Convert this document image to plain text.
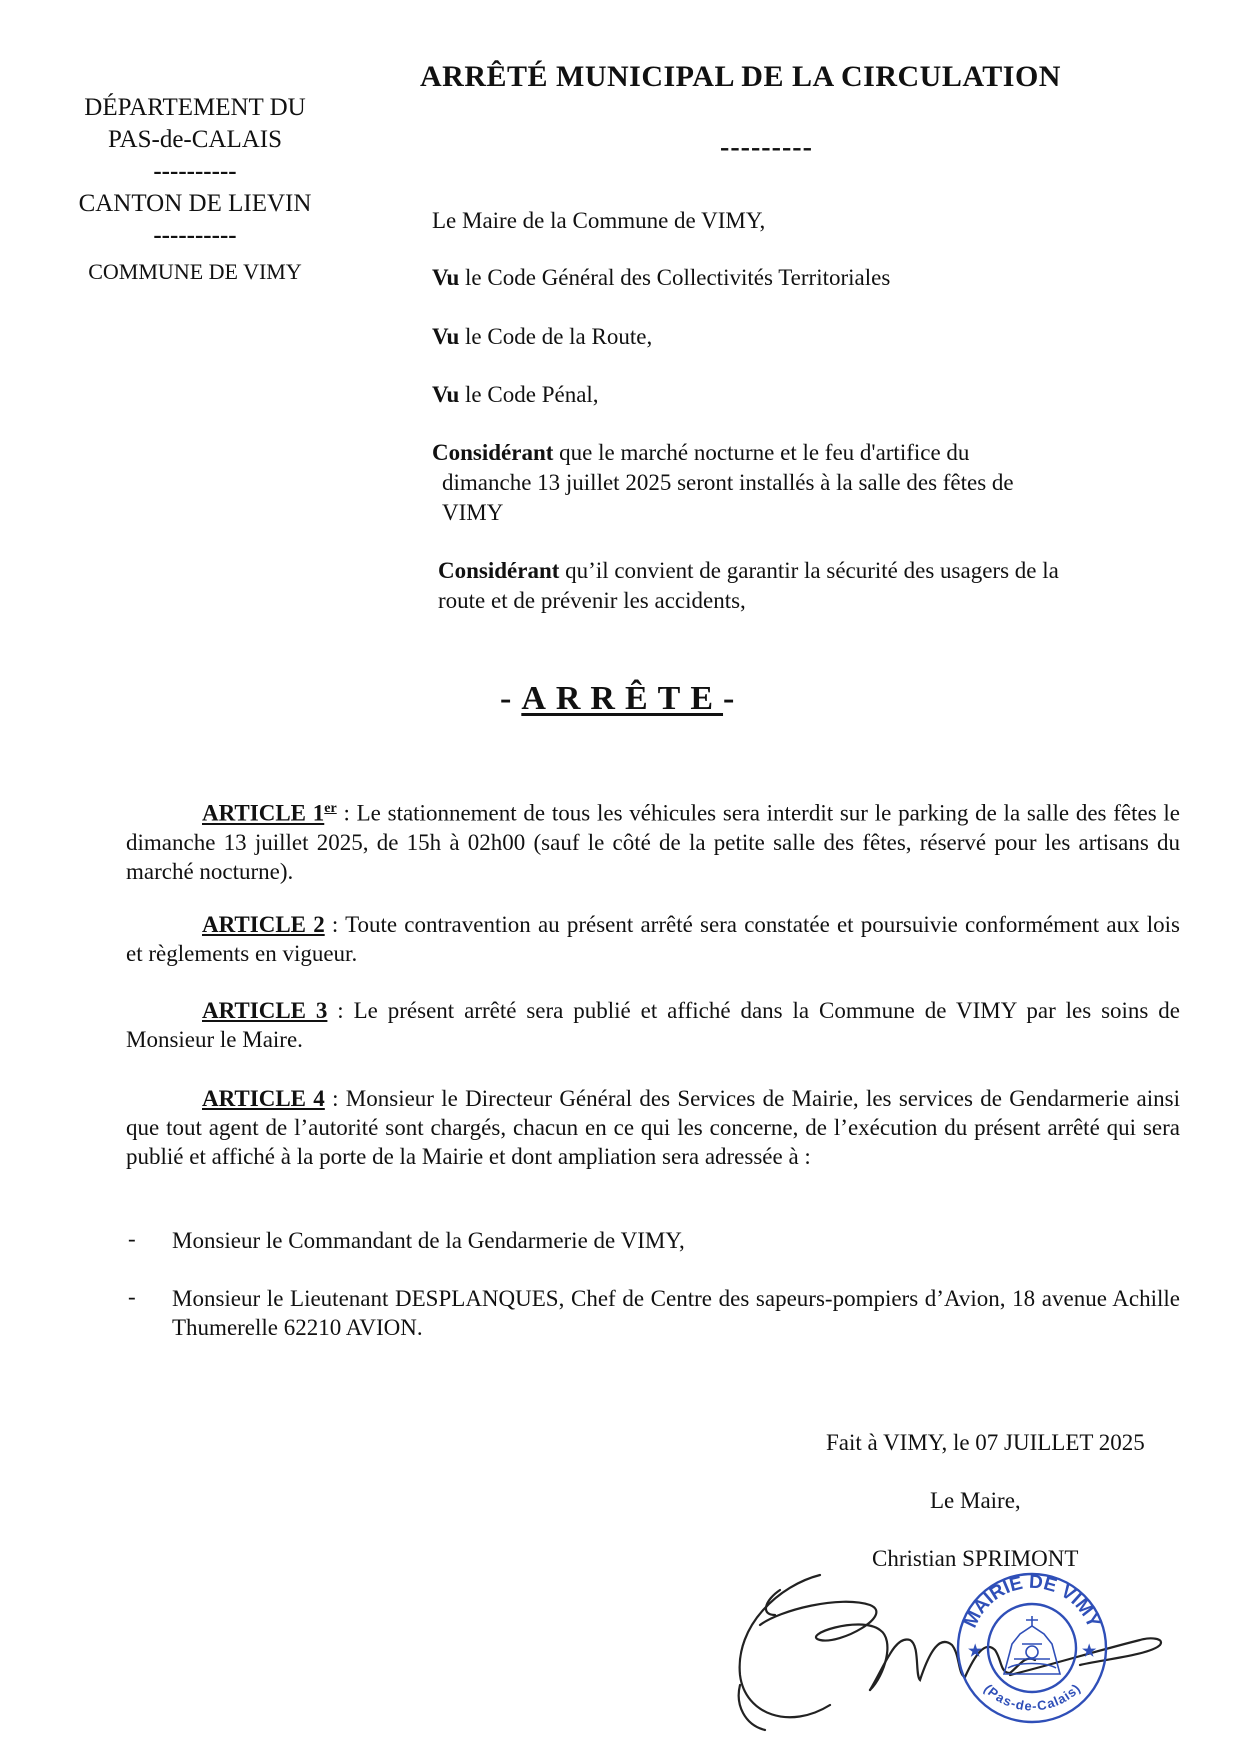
DÉPARTEMENT DU
PAS-de-CALAIS
----------
CANTON DE LIEVIN
----------
COMMUNE DE VIMY
ARRÊTÉ MUNICIPAL DE LA CIRCULATION
---------
Le Maire de la Commune de VIMY,
Vu le Code Général des Collectivités Territoriales
Vu le Code de la Route,
Vu le Code Pénal,
Considérant que le marché nocturne et le feu d'artifice du
dimanche 13 juillet 2025 seront installés à la salle des fêtes de
VIMY
Considérant qu’il convient de garantir la sécurité des usagers de la
route et de prévenir les accidents,
-ARRÊTE-
ARTICLE 1er : Le stationnement de tous les véhicules sera interdit sur le parking de la salle des fêtes le dimanche 13 juillet 2025, de 15h à 02h00 (sauf le côté de la petite salle des fêtes, réservé pour les artisans du marché nocturne).
ARTICLE 2 : Toute contravention au présent arrêté sera constatée et poursuivie conformément aux lois et règlements en vigueur.
ARTICLE 3 : Le présent arrêté sera publié et affiché dans la Commune de VIMY par les soins de Monsieur le Maire.
ARTICLE 4 : Monsieur le Directeur Général des Services de Mairie, les services de Gendarmerie ainsi que tout agent de l’autorité sont chargés, chacun en ce qui les concerne, de l’exécution du présent arrêté qui sera publié et affiché à la porte de la Mairie et dont ampliation sera adressée à :
- Monsieur le Commandant de la Gendarmerie de VIMY,
- Monsieur le Lieutenant DESPLANQUES, Chef de Centre des sapeurs-pompiers d’Avion, 18 avenue Achille Thumerelle 62210 AVION.
Fait à VIMY, le 07 JUILLET 2025
Le Maire,
Christian SPRIMONT
MAIRIE DE VIMY
(Pas-de-Calais)
★	★
